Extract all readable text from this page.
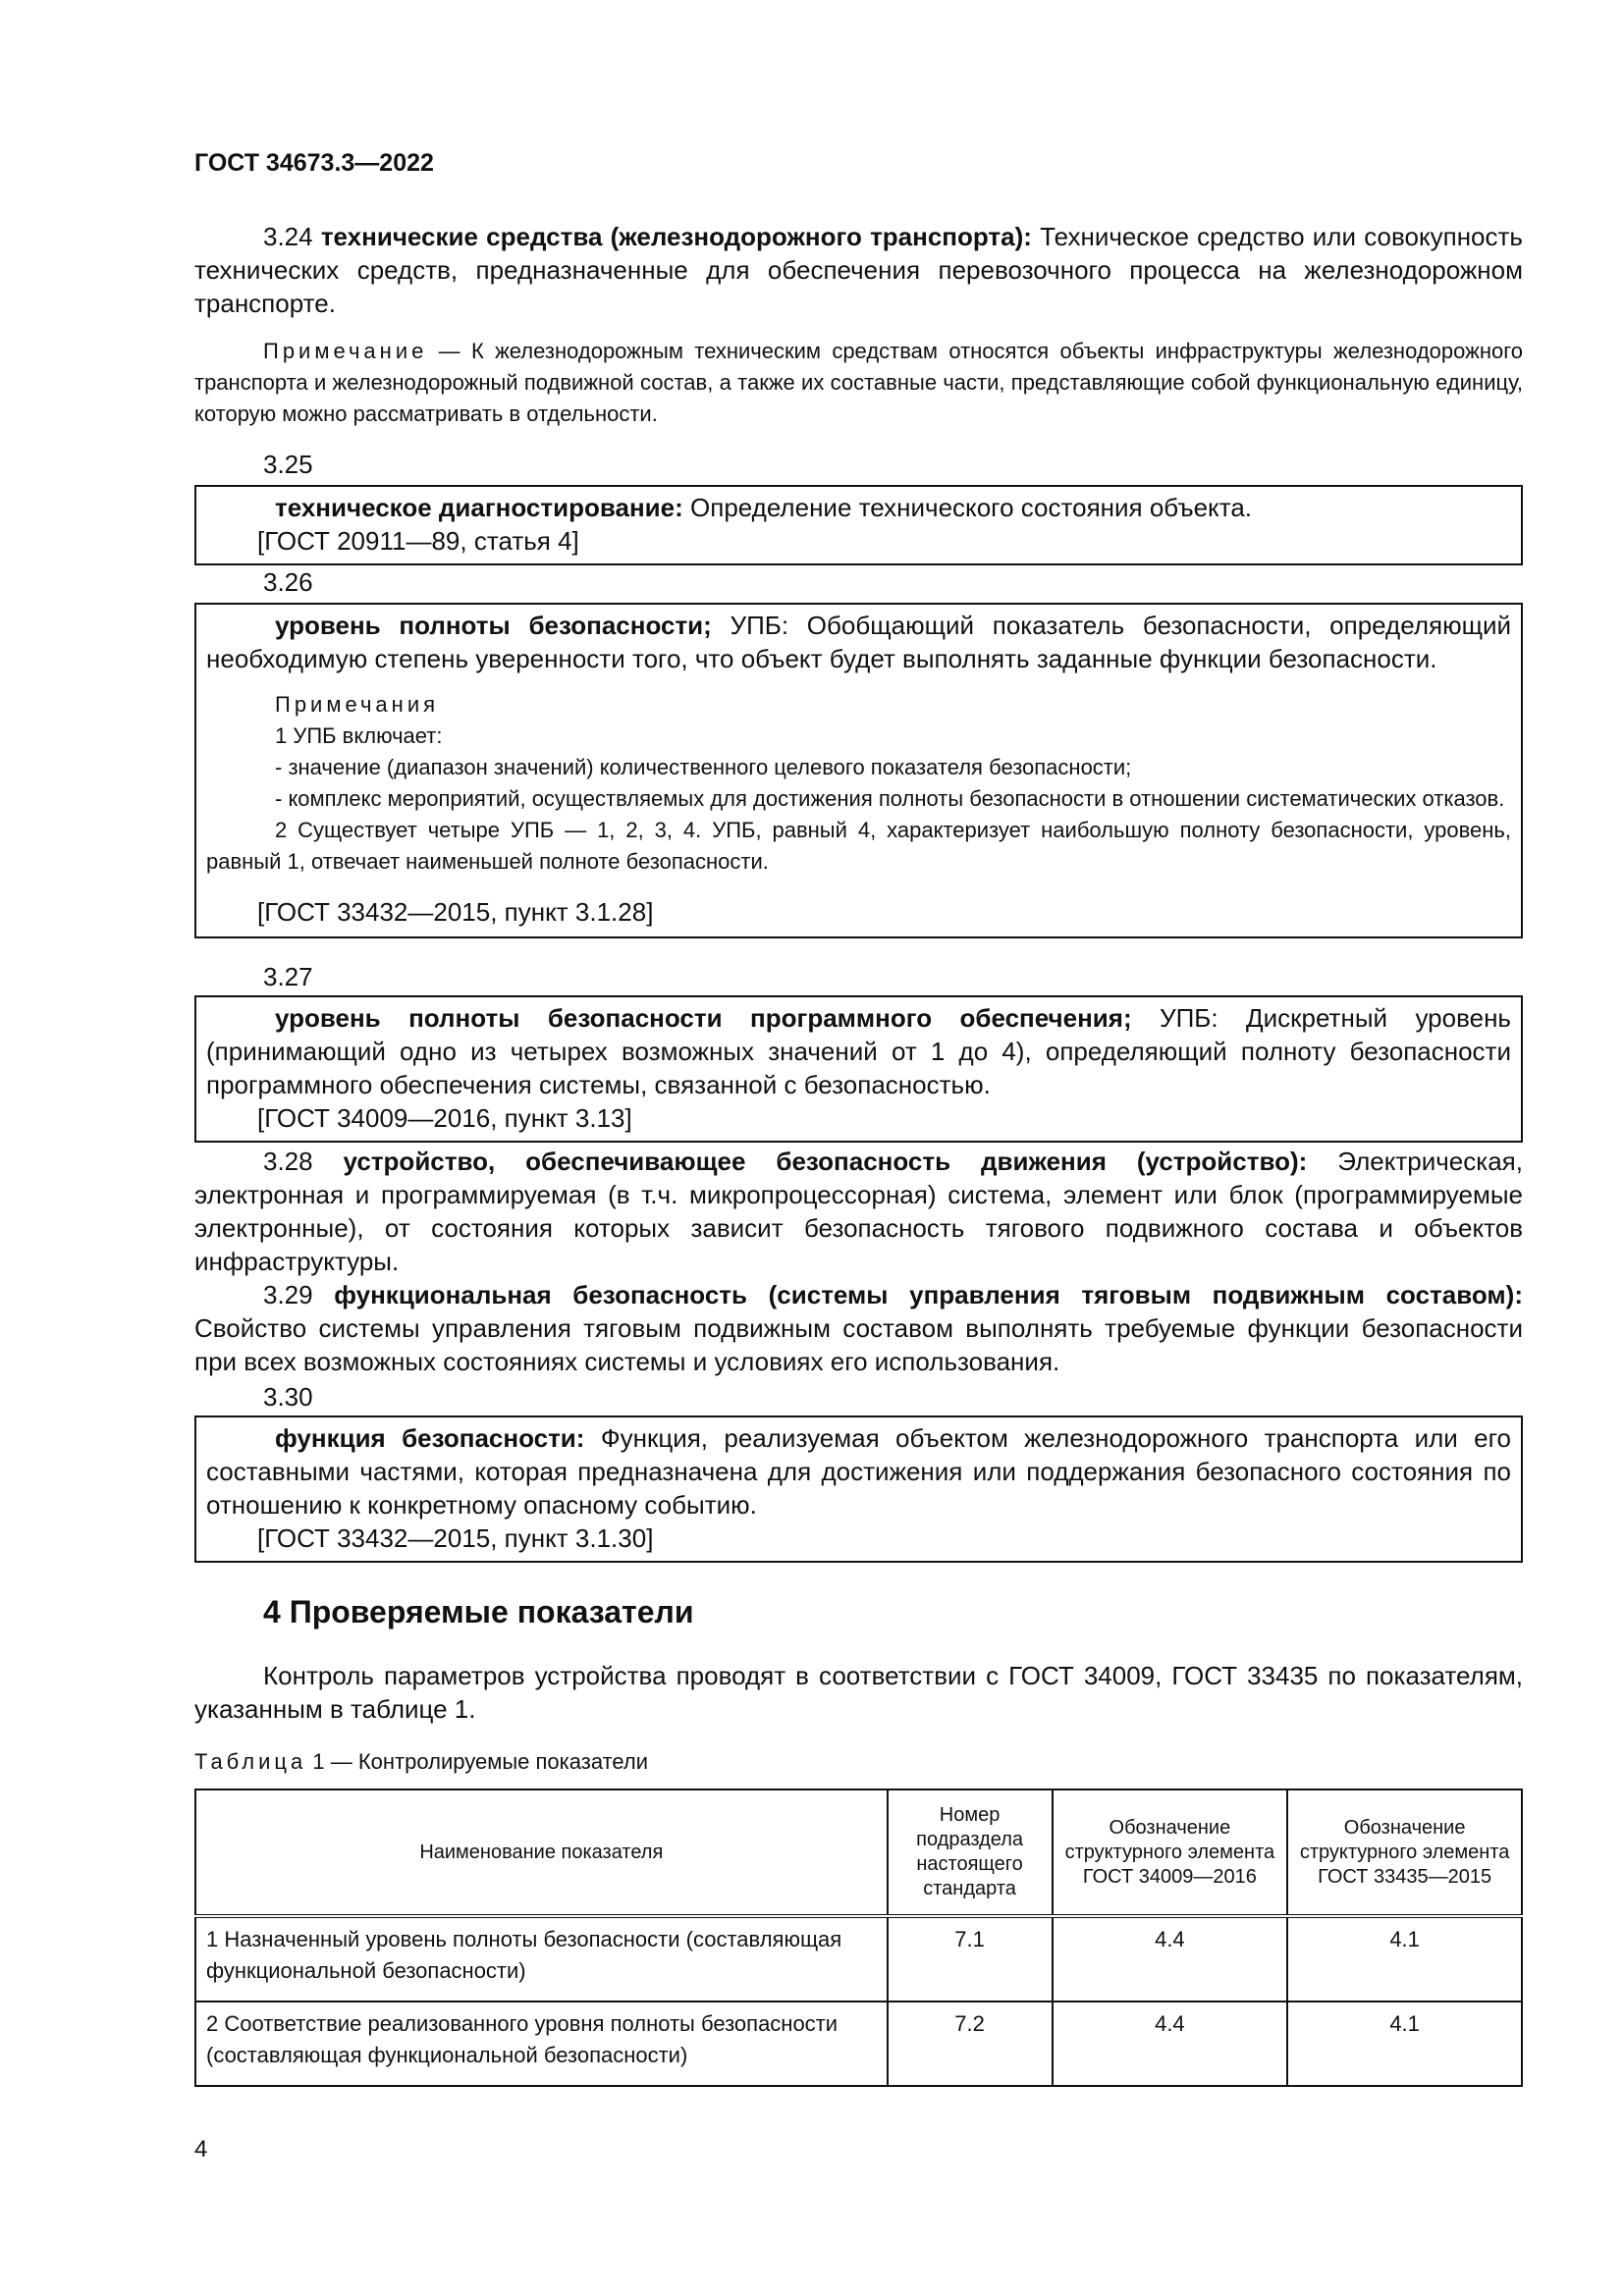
ГОСТ 34673.3—2022

3.24 технические средства (железнодорожного транспорта): Техническое средство или совокупность технических средств, предназначенные для обеспечения перевозочного процесса на железнодорожном транспорте.

Примечание — К железнодорожным техническим средствам относятся объекты инфраструктуры железнодорожного транспорта и железнодорожный подвижной состав, а также их составные части, представляющие собой функциональную единицу, которую можно рассматривать в отдельности.

3.25

техническое диагностирование: Определение технического состояния объекта.

[ГОСТ 20911—89, статья 4]

3.26

уровень полноты безопасности; УПБ: Обобщающий показатель безопасности, определяющий необходимую степень уверенности того, что объект будет выполнять заданные функции безопасности.

Примечания

1 УПБ включает:

- значение (диапазон значений) количественного целевого показателя безопасности;

- комплекс мероприятий, осуществляемых для достижения полноты безопасности в отношении систематических отказов.

2 Существует четыре УПБ — 1, 2, 3, 4. УПБ, равный 4, характеризует наибольшую полноту безопасности, уровень, равный 1, отвечает наименьшей полноте безопасности.

[ГОСТ 33432—2015, пункт 3.1.28]

3.27

уровень полноты безопасности программного обеспечения; УПБ: Дискретный уровень (принимающий одно из четырех возможных значений от 1 до 4), определяющий полноту безопасности программного обеспечения системы, связанной с безопасностью.

[ГОСТ 34009—2016, пункт 3.13]

3.28 устройство, обеспечивающее безопасность движения (устройство): Электрическая, электронная и программируемая (в т.ч. микропроцессорная) система, элемент или блок (программируемые электронные), от состояния которых зависит безопасность тягового подвижного состава и объектов инфраструктуры.

3.29 функциональная безопасность (системы управления тяговым подвижным составом): Свойство системы управления тяговым подвижным составом выполнять требуемые функции безопасности при всех возможных состояниях системы и условиях его использования.

3.30

функция безопасности: Функция, реализуемая объектом железнодорожного транспорта или его составными частями, которая предназначена для достижения или поддержания безопасного состояния по отношению к конкретному опасному событию.

[ГОСТ 33432—2015, пункт 3.1.30]

4 Проверяемые показатели

Контроль параметров устройства проводят в соответствии с ГОСТ 34009, ГОСТ 33435 по показателям, указанным в таблице 1.

Таблица 1 — Контролируемые показатели
Наименование показателя	Номер подраздела настоящего стандарта	Обозначение структурного элемента ГОСТ 34009—2016	Обозначение структурного элемента ГОСТ 33435—2015
1 Назначенный уровень полноты безопасности (составляющая функциональной безопасности)	7.1	4.4	4.1
2 Соответствие реализованного уровня полноты безопасности (составляющая функциональной безопасности)	7.2	4.4	4.1
4
